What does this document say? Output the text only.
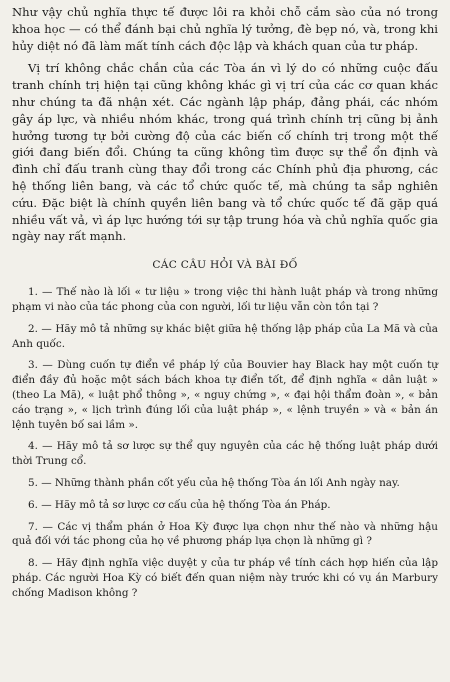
Như vậy chủ nghĩa thực tế được lôi ra khỏi chỗ cắm sào của nó trong khoa học — có thể đánh bại chủ nghĩa lý tưởng, đè bẹp nó, và, trong khi hủy diệt nó đã làm mất tính cách độc lập và khách quan của tư pháp.

Vị trí không chắc chắn của các Tòa án vì lý do có những cuộc đấu tranh chính trị hiện tại cũng không khác gì vị trí của các cơ quan khác như chúng ta đã nhận xét. Các ngành lập pháp, đảng phái, các nhóm gây áp lực, và nhiều nhóm khác, trong quá trình chính trị cũng bị ảnh hưởng tương tự bởi cường độ của các biến cố chính trị trong một thế giới đang biến đổi. Chúng ta cũng không tìm được sự thể ổn định và đình chỉ đấu tranh cùng thay đổi trong các Chính phủ địa phương, các hệ thống liên bang, và các tổ chức quốc tế, mà chúng ta sắp nghiên cứu. Đặc biệt là chính quyền liên bang và tổ chức quốc tế đã gặp quá nhiều vất vả, vì áp lực hướng tới sự tập trung hóa và chủ nghĩa quốc gia ngày nay rất mạnh.

CÁC CÂU HỎI VÀ BÀI ĐỐ

1. — Thế nào là lối « tư liệu » trong việc thi hành luật pháp và trong những phạm vi nào của tác phong của con người, lối tư liệu vẫn còn tồn tại ?

2. — Hãy mô tả những sự khác biệt giữa hệ thống lập pháp của La Mã và của Anh quốc.

3. — Dùng cuốn tự điển về pháp lý của Bouvier hay Black hay một cuốn tự điển đầy đủ hoặc một sách bách khoa tự điển tốt, để định nghĩa « dân luật » (theo La Mã), « luật phổ thông », « nguy chứng », « đại hội thẩm đoàn », « bản cáo trạng », « lịch trình đúng lối của luật pháp », « lệnh truyền » và « bản án lệnh tuyên bố sai lầm ».

4. — Hãy mô tả sơ lược sự thể quy nguyên của các hệ thống luật pháp dưới thời Trung cổ.

5. — Những thành phần cốt yếu của hệ thống Tòa án lối Anh ngày nay.

6. — Hãy mô tả sơ lược cơ cấu của hệ thống Tòa án Pháp.

7. — Các vị thẩm phán ở Hoa Kỳ được lựa chọn như thế nào và những hậu quả đối với tác phong của họ về phương pháp lựa chọn là những gì ?

8. — Hãy định nghĩa việc duyệt y của tư pháp về tính cách hợp hiến của lập pháp. Các người Hoa Kỳ có biết đến quan niệm này trước khi có vụ án Marbury chống Madison không ?
